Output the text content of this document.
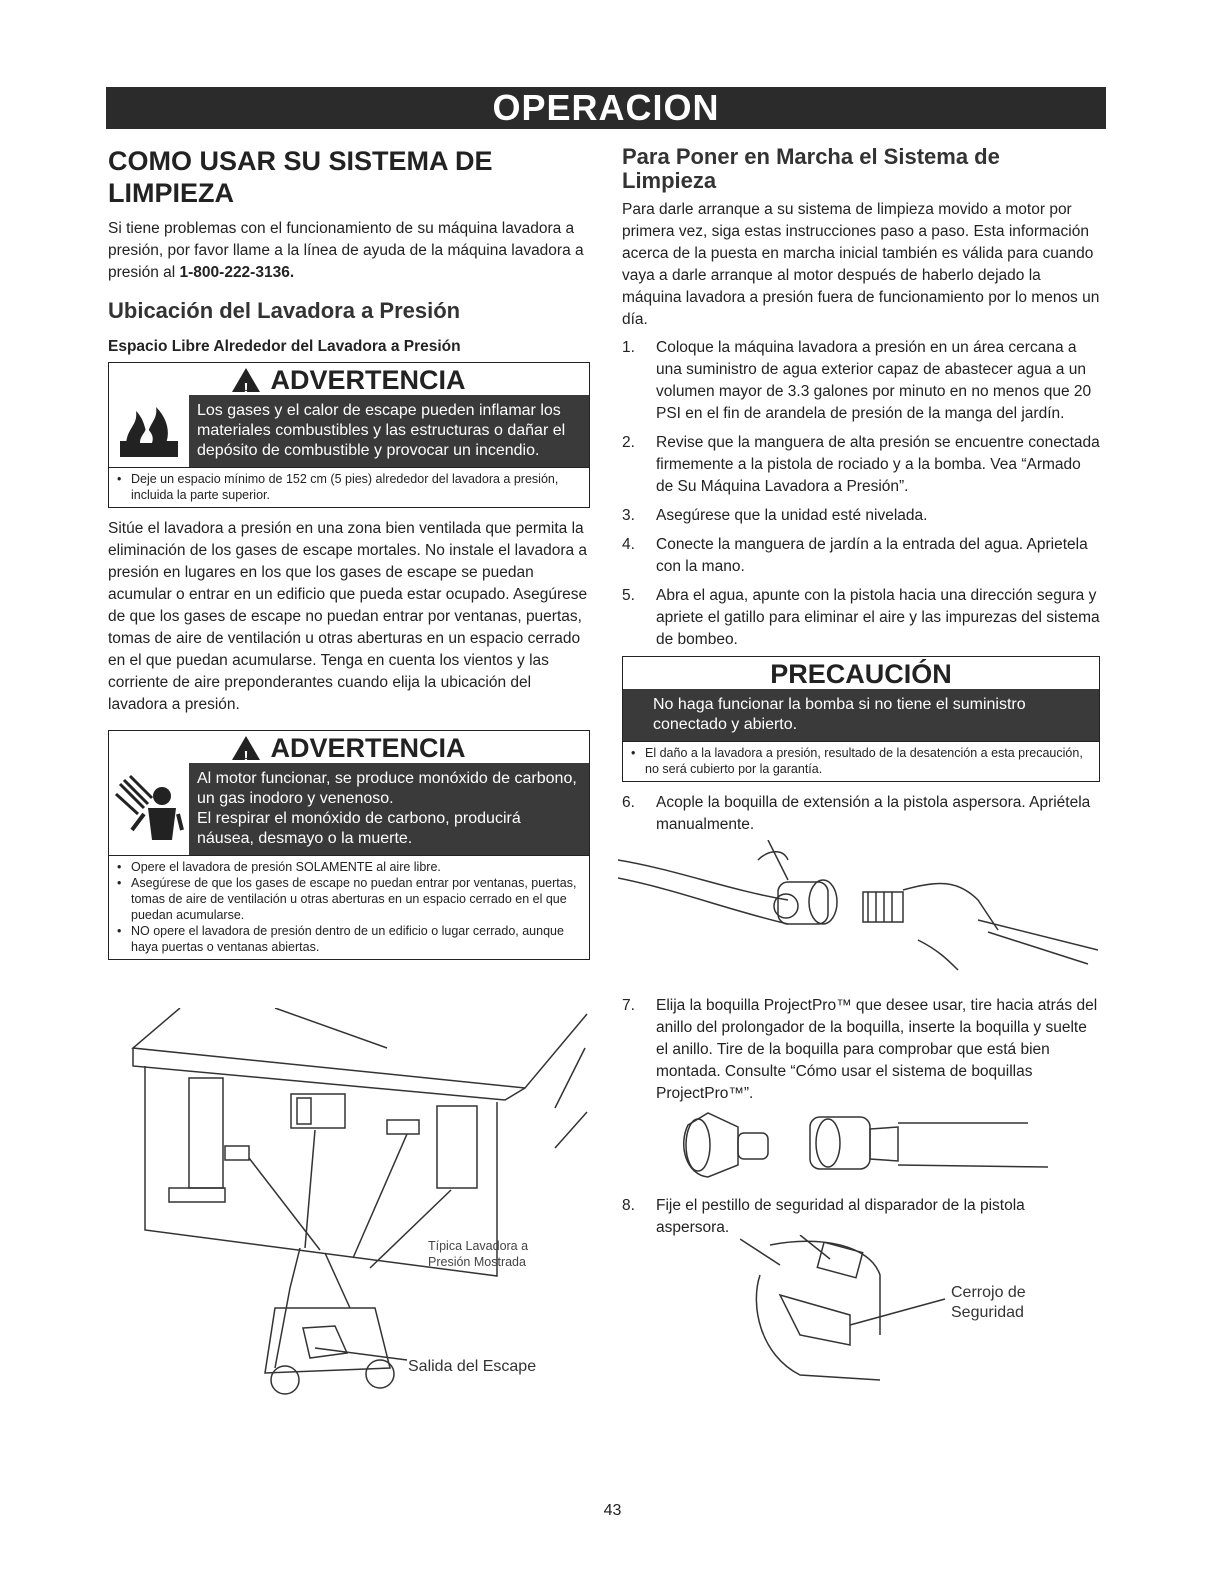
OPERACION
COMO USAR SU SISTEMA DE LIMPIEZA

Si tiene problemas con el funcionamiento de su máquina lavadora a presión, por favor llame a la línea de ayuda de la máquina lavadora a presión al 1-800-222-3136.

Ubicación del Lavadora a Presión
Espacio Libre Alrededor del Lavadora a Presión
!
ADVERTENCIA
Los gases y el calor de escape pueden inflamar los materiales combustibles y las estructuras o dañar el depósito de combustible y provocar un incendio.
• Deje un espacio mínimo de 152 cm (5 pies) alrededor del lavadora a presión, incluida la parte superior.

Sitúe el lavadora a presión en una zona bien ventilada que permita la eliminación de los gases de escape mortales. No instale el lavadora a presión en lugares en los que los gases de escape se puedan acumular o entrar en un edificio que pueda estar ocupado. Asegúrese de que los gases de escape no puedan entrar por ventanas, puertas, tomas de aire de ventilación u otras aberturas en un espacio cerrado en el que puedan acumularse. Tenga en cuenta los vientos y las corriente de aire preponderantes cuando elija la ubicación del lavadora a presión.

!
ADVERTENCIA
Al motor funcionar, se produce monóxido de carbono, un gas inodoro y venenoso.
El respirar el monóxido de carbono, producirá náusea, desmayo o la muerte.
• Opere el lavadora de presión SOLAMENTE al aire libre.
• Asegúrese de que los gases de escape no puedan entrar por ventanas, puertas, tomas de aire de ventilación u otras aberturas en un espacio cerrado en el que puedan acumularse.
• NO opere el lavadora de presión dentro de un edificio o lugar cerrado, aunque haya puertas o ventanas abiertas.
Típica Lavadora a Presión Mostrada
Salida del Escape
Para Poner en Marcha el Sistema de Limpieza

Para darle arranque a su sistema de limpieza movido a motor por primera vez, siga estas instrucciones paso a paso. Esta información acerca de la puesta en marcha inicial también es válida para cuando vaya a darle arranque al motor después de haberlo dejado la máquina lavadora a presión fuera de funcionamiento por lo menos un día.

1. Coloque la máquina lavadora a presión en un área cercana a una suministro de agua exterior capaz de abastecer agua a un volumen mayor de 3.3 galones por minuto en no menos que 20 PSI en el fin de arandela de presión de la manga del jardín.
2. Revise que la manguera de alta presión se encuentre conectada firmemente a la pistola de rociado y a la bomba. Vea “Armado de Su Máquina Lavadora a Presión”.
3. Asegúrese que la unidad esté nivelada.
4. Conecte la manguera de jardín a la entrada del agua. Aprietela con la mano.
5. Abra el agua, apunte con la pistola hacia una dirección segura y apriete el gatillo para eliminar el aire y las impurezas del sistema de bombeo.
PRECAUCIÓN
No haga funcionar la bomba si no tiene el suministro conectado y abierto.
• El daño a la lavadora a presión, resultado de la desatención a esta precaución, no será cubierto por la garantía.
6. Acople la boquilla de extensión a la pistola aspersora. Apriétela manualmente.
7. Elija la boquilla ProjectPro™ que desee usar, tire hacia atrás del anillo del prolongador de la boquilla, inserte la boquilla y suelte el anillo. Tire de la boquilla para comprobar que está bien montada. Consulte “Cómo usar el sistema de boquillas ProjectPro™”.
8. Fije el pestillo de seguridad al disparador de la pistola aspersora.
Cerrojo de
Seguridad
43
